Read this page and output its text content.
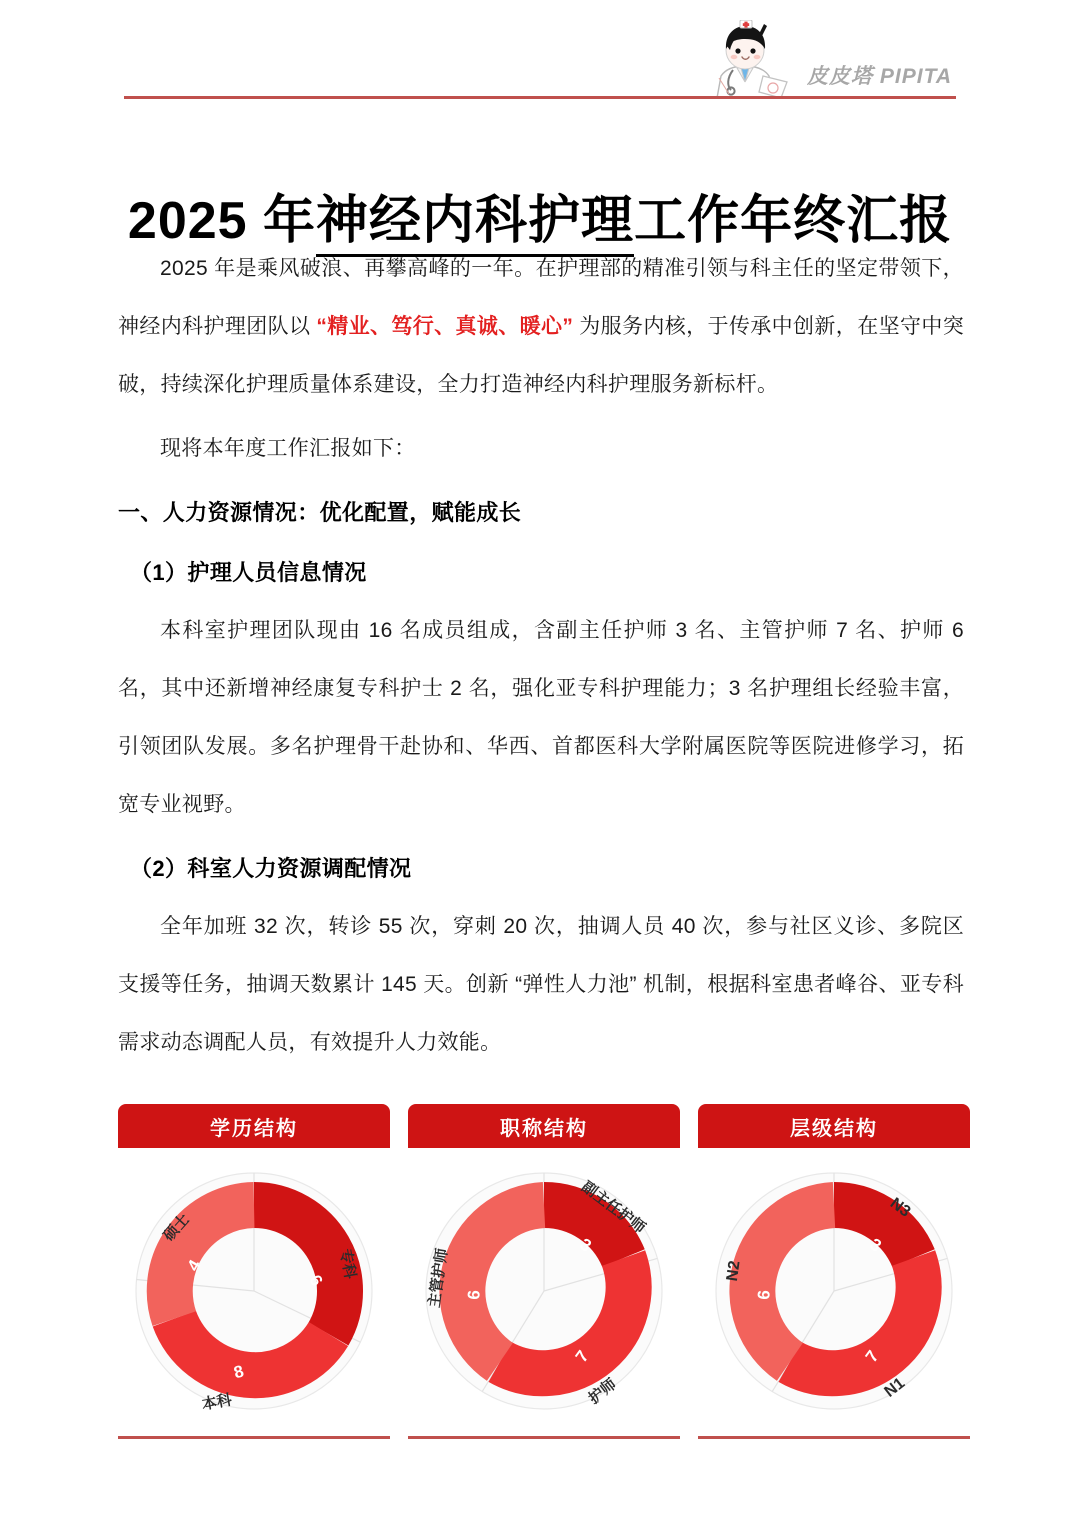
皮皮塔 PIPITA
2025 年神经内科护理工作年终汇报

2025 年是乘风破浪、再攀高峰的一年。在护理部的精准引领与科主任的坚定带领下，神经内科护理团队以 “精业、笃行、真诚、暖心” 为服务内核，于传承中创新，在坚守中突破，持续深化护理质量体系建设，全力打造神经内科护理服务新标杆。

现将本年度工作汇报如下：

一、人力资源情况：优化配置，赋能成长
（1）护理人员信息情况

本科室护理团队现由 16 名成员组成，含副主任护师 3 名、主管护师 7 名、护师 6 名，其中还新增神经康复专科护士 2 名，强化亚专科护理能力；3 名护理组长经验丰富，引领团队发展。多名护理骨干赴协和、华西、首都医科大学附属医院等医院进修学习，拓宽专业视野。

（2）科室人力资源调配情况

全年加班 32 次，转诊 55 次，穿刺 20 次，抽调人员 40 次，参与社区义诊、多院区支援等任务，抽调天数累计 145 天。创新 “弹性人力池” 机制，根据科室患者峰谷、亚专科需求动态调配人员，有效提升人力效能。

学历结构
6
8
4	专科
本科
硕士
职称结构
3
7
6
副主任护师
护师
主管护师
层级结构
3
7
6
N3
N1
N2
